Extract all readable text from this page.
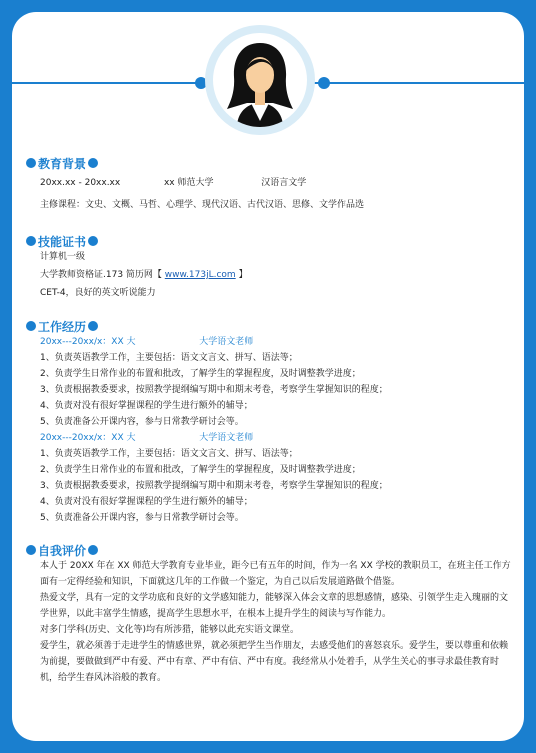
教育背景
20xx.xx - 20xx.xx	xx 师范大学	汉语言文学
主修课程：文史、文概、马哲、心理学、现代汉语、古代汉语、思修、文学作品选
技能证书
计算机一级
大学教师资格证.173 简历网【 www.173jL.com 】
CET-4，良好的英文听说能力
工作经历
20xx---20xx/x：XX 大	大学语文老师
1、负责英语教学工作，主要包括：语文文言文、拼写、语法等；
2、负责学生日常作业的布置和批改，了解学生的掌握程度，及时调整教学进度；
3、负责根据教委要求，按照教学提纲编写期中和期末考卷，考察学生掌握知识的程度；
4、负责对没有很好掌握课程的学生进行额外的辅导；
5、负责准备公开课内容，参与日常教学研讨会等。
20xx---20xx/x：XX 大	大学语文老师
1、负责英语教学工作，主要包括：语文文言文、拼写、语法等；
2、负责学生日常作业的布置和批改，了解学生的掌握程度，及时调整教学进度；
3、负责根据教委要求，按照教学提纲编写期中和期末考卷，考察学生掌握知识的程度；
4、负责对没有很好掌握课程的学生进行额外的辅导；
5、负责准备公开课内容，参与日常教学研讨会等。
自我评价
本人于 20XX 年在 XX 师范大学教育专业毕业，距今已有五年的时间，作为一名 XX 学校的教职员工，在班主任工作方面有一定得经验和知识，下面就这几年的工作做一个鉴定，为自己以后发展道路做个借鉴。
热爱文学，具有一定的文学功底和良好的文学感知能力，能够深入体会文章的思想感情，感染、引领学生走入瑰丽的文学世界，以此丰富学生情感，提高学生思想水平，在根本上提升学生的阅读与写作能力。
对多门学科(历史、文化等)均有所涉猎，能够以此充实语文课堂。
爱学生，就必须善于走进学生的情感世界，就必须把学生当作朋友，去感受他们的喜怒哀乐。爱学生，要以尊重和依赖为前提，要做做到严中有爱、严中有章、严中有信、严中有度。我经常从小处着手，从学生关心的事寻求最佳教育时机，给学生春风沐浴般的教育。
